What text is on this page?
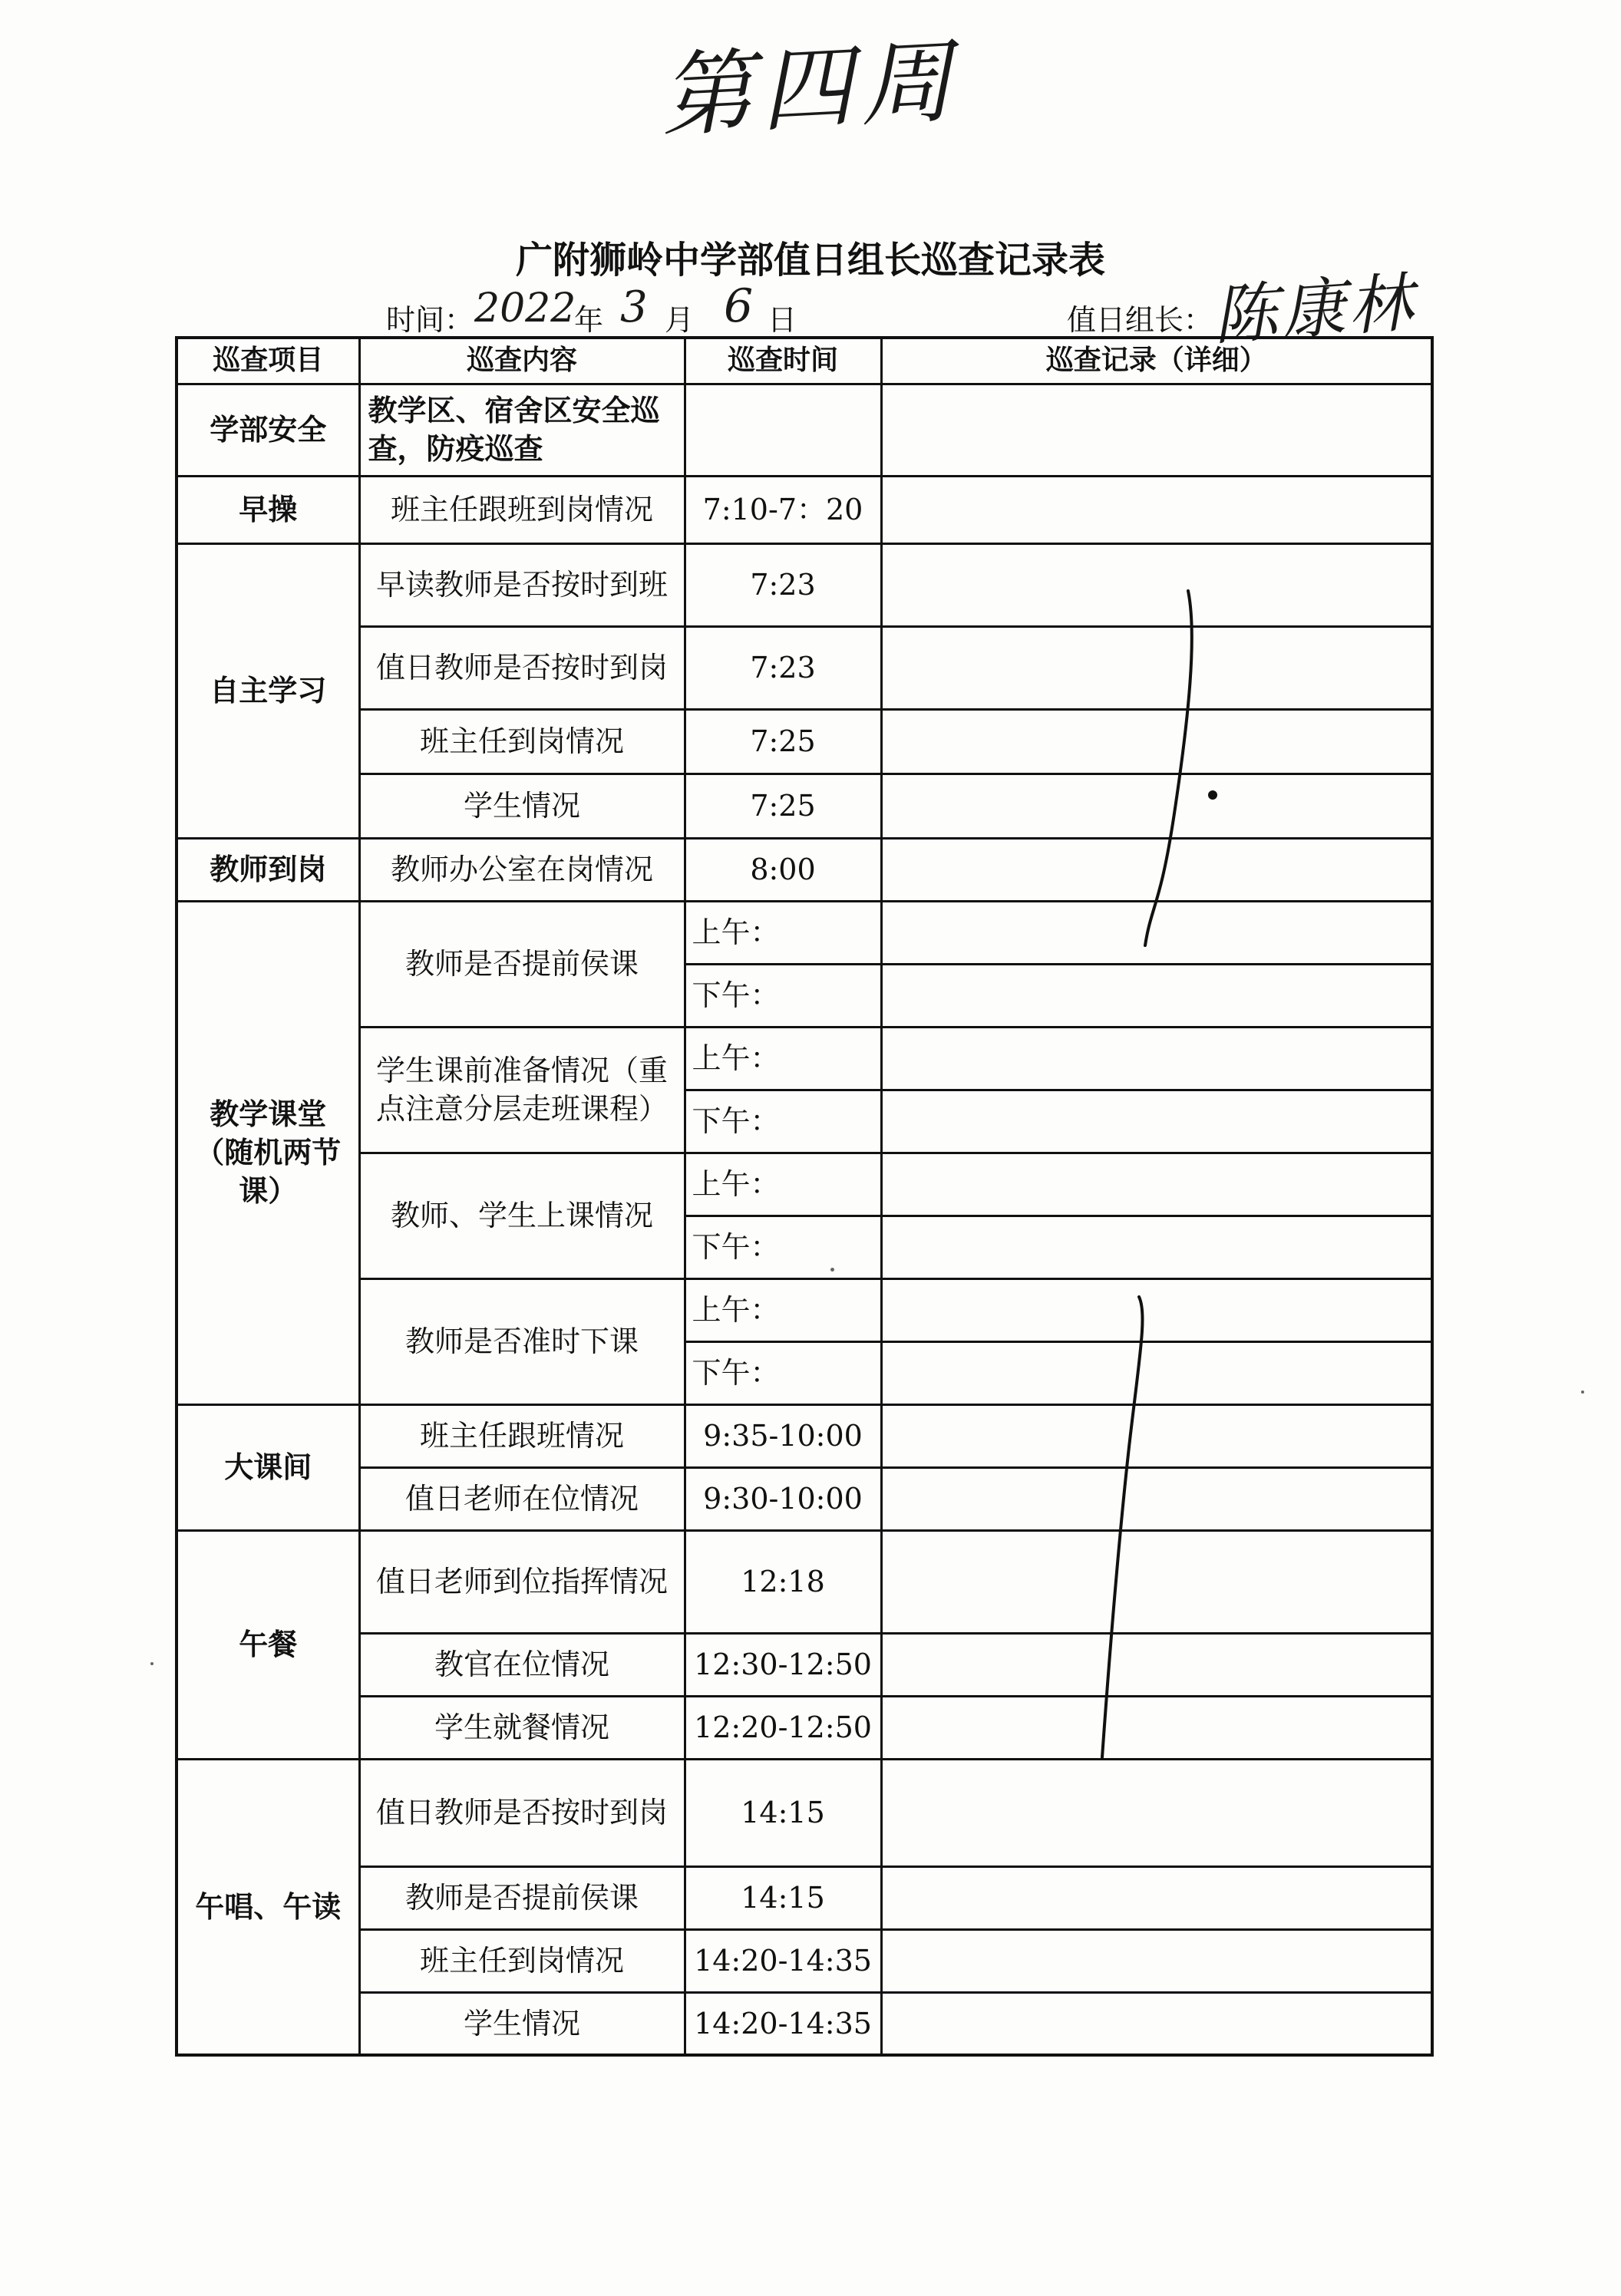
第四周
广附狮岭中学部值日组长巡查记录表
时间： 2022
年 3 月 6 日	值日组长：
陈康林
巡查项目	巡查内容	巡查时间	巡查记录（详细）
学部安全	教学区、宿舍区安全巡查，防疫巡查		
早操	班主任跟班到岗情况	7:10-7：20	
自主学习	早读教师是否按时到班	7:23	
	值日教师是否按时到岗	7:23	
	班主任到岗情况	7:25	
	学生情况	7:25	
教师到岗	教师办公室在岗情况	8:00	
教学课堂（随机两节课）	教师是否提前侯课	上午：	
		下午：	
	学生课前准备情况（重点注意分层走班课程）	上午：	
		下午：	
	教师、学生上课情况	上午：	
		下午：	
	教师是否准时下课	上午：	
		下午：	
大课间	班主任跟班情况	9:35-10:00	
	值日老师在位情况	9:30-10:00	
午餐	值日老师到位指挥情况	12:18	
	教官在位情况	12:30-12:50	
	学生就餐情况	12:20-12:50	
午唱、午读	值日教师是否按时到岗	14:15	
	教师是否提前侯课	14:15	
	班主任到岗情况	14:20-14:35	
	学生情况	14:20-14:35	
